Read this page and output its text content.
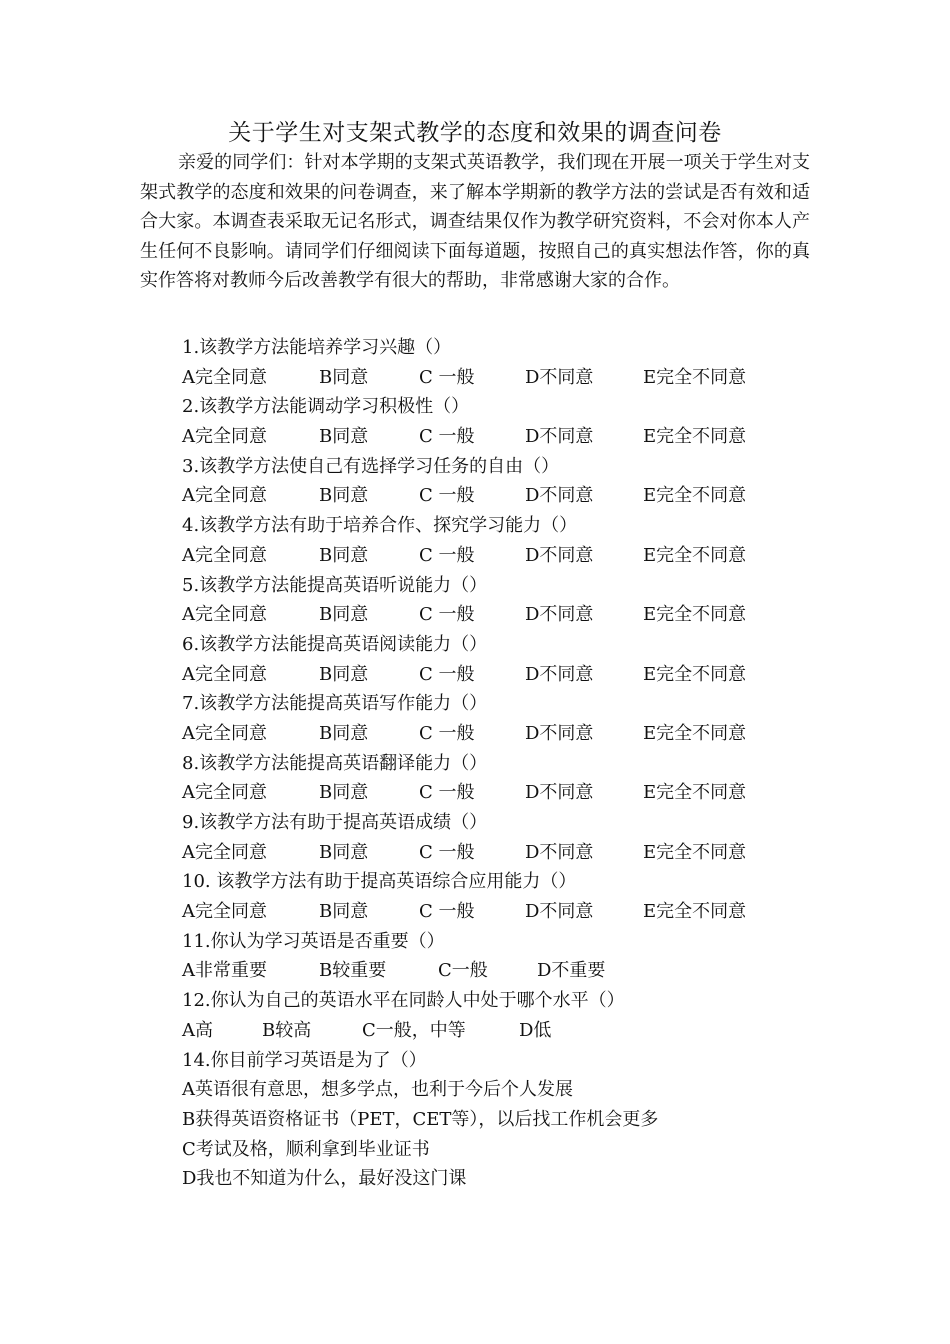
关于学生对支架式教学的态度和效果的调查问卷

亲爱的同学们：针对本学期的支架式英语教学，我们现在开展一项关于学生对支架式教学的态度和效果的问卷调查，来了解本学期新的教学方法的尝试是否有效和适合大家。本调查表采取无记名形式，调查结果仅作为教学研究资料，不会对你本人产生任何不良影响。请同学们仔细阅读下面每道题，按照自己的真实想法作答，你的真实作答将对教师今后改善教学有很大的帮助，非常感谢大家的合作。

1.该教学方法能培养学习兴趣（）
A完全同意	B同意	C 一般	D不同意	E完全不同意
2.该教学方法能调动学习积极性（）
A完全同意	B同意	C 一般	D不同意	E完全不同意
3.该教学方法使自己有选择学习任务的自由（）
A完全同意	B同意	C 一般	D不同意	E完全不同意
4.该教学方法有助于培养合作、探究学习能力（）
A完全同意	B同意	C 一般	D不同意	E完全不同意
5.该教学方法能提高英语听说能力（）
A完全同意	B同意	C 一般	D不同意	E完全不同意
6.该教学方法能提高英语阅读能力（）
A完全同意	B同意	C 一般	D不同意	E完全不同意
7.该教学方法能提高英语写作能力（）
A完全同意	B同意	C 一般	D不同意	E完全不同意
8.该教学方法能提高英语翻译能力（）
A完全同意	B同意	C 一般	D不同意	E完全不同意
9.该教学方法有助于提高英语成绩（）
A完全同意	B同意	C 一般	D不同意	E完全不同意
10. 该教学方法有助于提高英语综合应用能力（）
A完全同意	B同意	C 一般	D不同意	E完全不同意
11.你认为学习英语是否重要（）
A非常重要	B较重要	C一般	D不重要
12.你认为自己的英语水平在同龄人中处于哪个水平（）
A高	B较高	C一般，中等	D低
14.你目前学习英语是为了（）
A英语很有意思，想多学点，也利于今后个人发展
B获得英语资格证书（PET，CET等），以后找工作机会更多
C考试及格，顺利拿到毕业证书
D我也不知道为什么，最好没这门课
